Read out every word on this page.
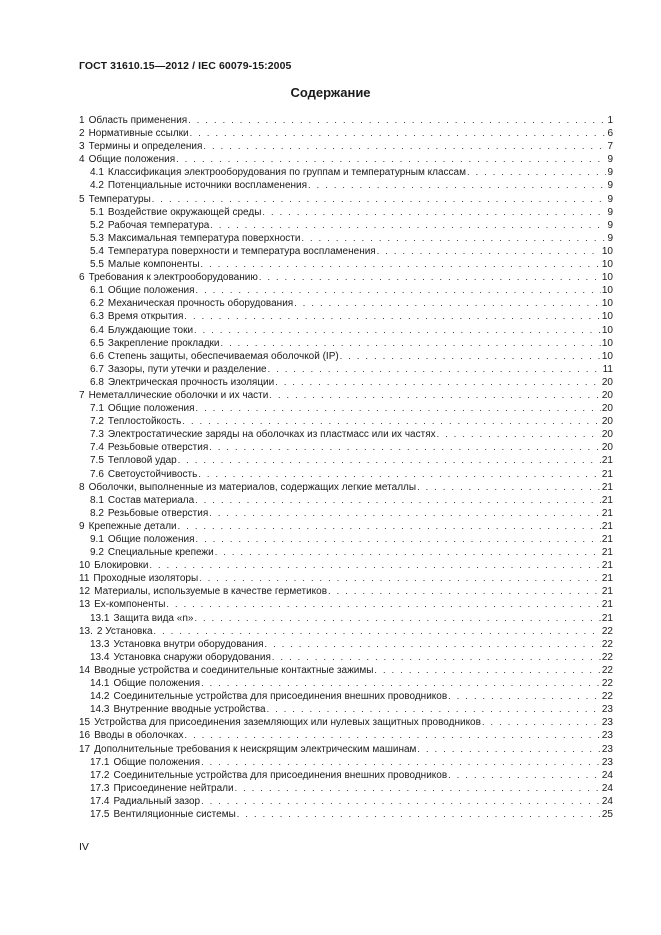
ГОСТ 31610.15—2012 / IEC 60079-15:2005
Содержание
1 Область применения . . .	1
2 Нормативные ссылки . . .	6
3 Термины и определения . . .	7
4 Общие положения . . .	9
4.1 Классификация электрооборудования по группам и температурным классам . . .	9
4.2 Потенциальные источники воспламенения . . .	9
5 Температуры . . .	9
5.1 Воздействие окружающей среды . . .	9
5.2 Рабочая температура . . .	9
5.3 Максимальная температура поверхности . . .	9
5.4 Температура поверхности и температура воспламенения . . .	10
5.5 Малые компоненты . . .	10
6 Требования к электрооборудованию . . .	10
6.1 Общие положения . . .	10
6.2 Механическая прочность оборудования . . .	10
6.3 Время открытия . . .	10
6.4 Блуждающие токи . . .	10
6.5 Закрепление прокладки . . .	10
6.6 Степень защиты, обеспечиваемая оболочкой (IP) . . .	10
6.7 Зазоры, пути утечки и разделение . . .	11
6.8 Электрическая прочность изоляции . . .	20
7 Неметаллические оболочки и их части . . .	20
7.1 Общие положения . . .	20
7.2 Теплостойкость . . .	20
7.3 Электростатические заряды на оболочках из пластмасс или их частях . . .	20
7.4 Резьбовые отверстия . . .	20
7.5 Тепловой удар . . .	21
7.6 Светоустойчивость . . .	21
8 Оболочки, выполненные из материалов, содержащих легкие металлы . . .	21
8.1 Состав материала . . .	21
8.2 Резьбовые отверстия . . .	21
9 Крепежные детали . . .	21
9.1 Общие положения . . .	21
9.2 Специальные крепежи . . .	21
10 Блокировки . . .	21
11 Проходные изоляторы . . .	21
12 Материалы, используемые в качестве герметиков . . .	21
13 Ex-компоненты . . .	21
13.1 Защита вида «n» . . .	21
13. 2 Установка . . .	22
13.3 Установка внутри оборудования . . .	22
13.4 Установка снаружи оборудования . . .	22
14 Вводные устройства и соединительные контактные зажимы . . .	22
14.1 Общие положения . . .	22
14.2 Соединительные устройства для присоединения внешних проводников . . .	22
14.3 Внутренние вводные устройства . . .	23
15 Устройства для присоединения заземляющих или нулевых защитных проводников . . .	23
16 Вводы в оболочках . . .	23
17 Дополнительные требования к неискрящим электрическим машинам . . .	23
17.1 Общие положения . . .	23
17.2 Соединительные устройства для присоединения внешних проводников . . .	24
17.3 Присоединение нейтрали . . .	24
17.4 Радиальный зазор . . .	24
17.5 Вентиляционные системы . . .	25
IV
